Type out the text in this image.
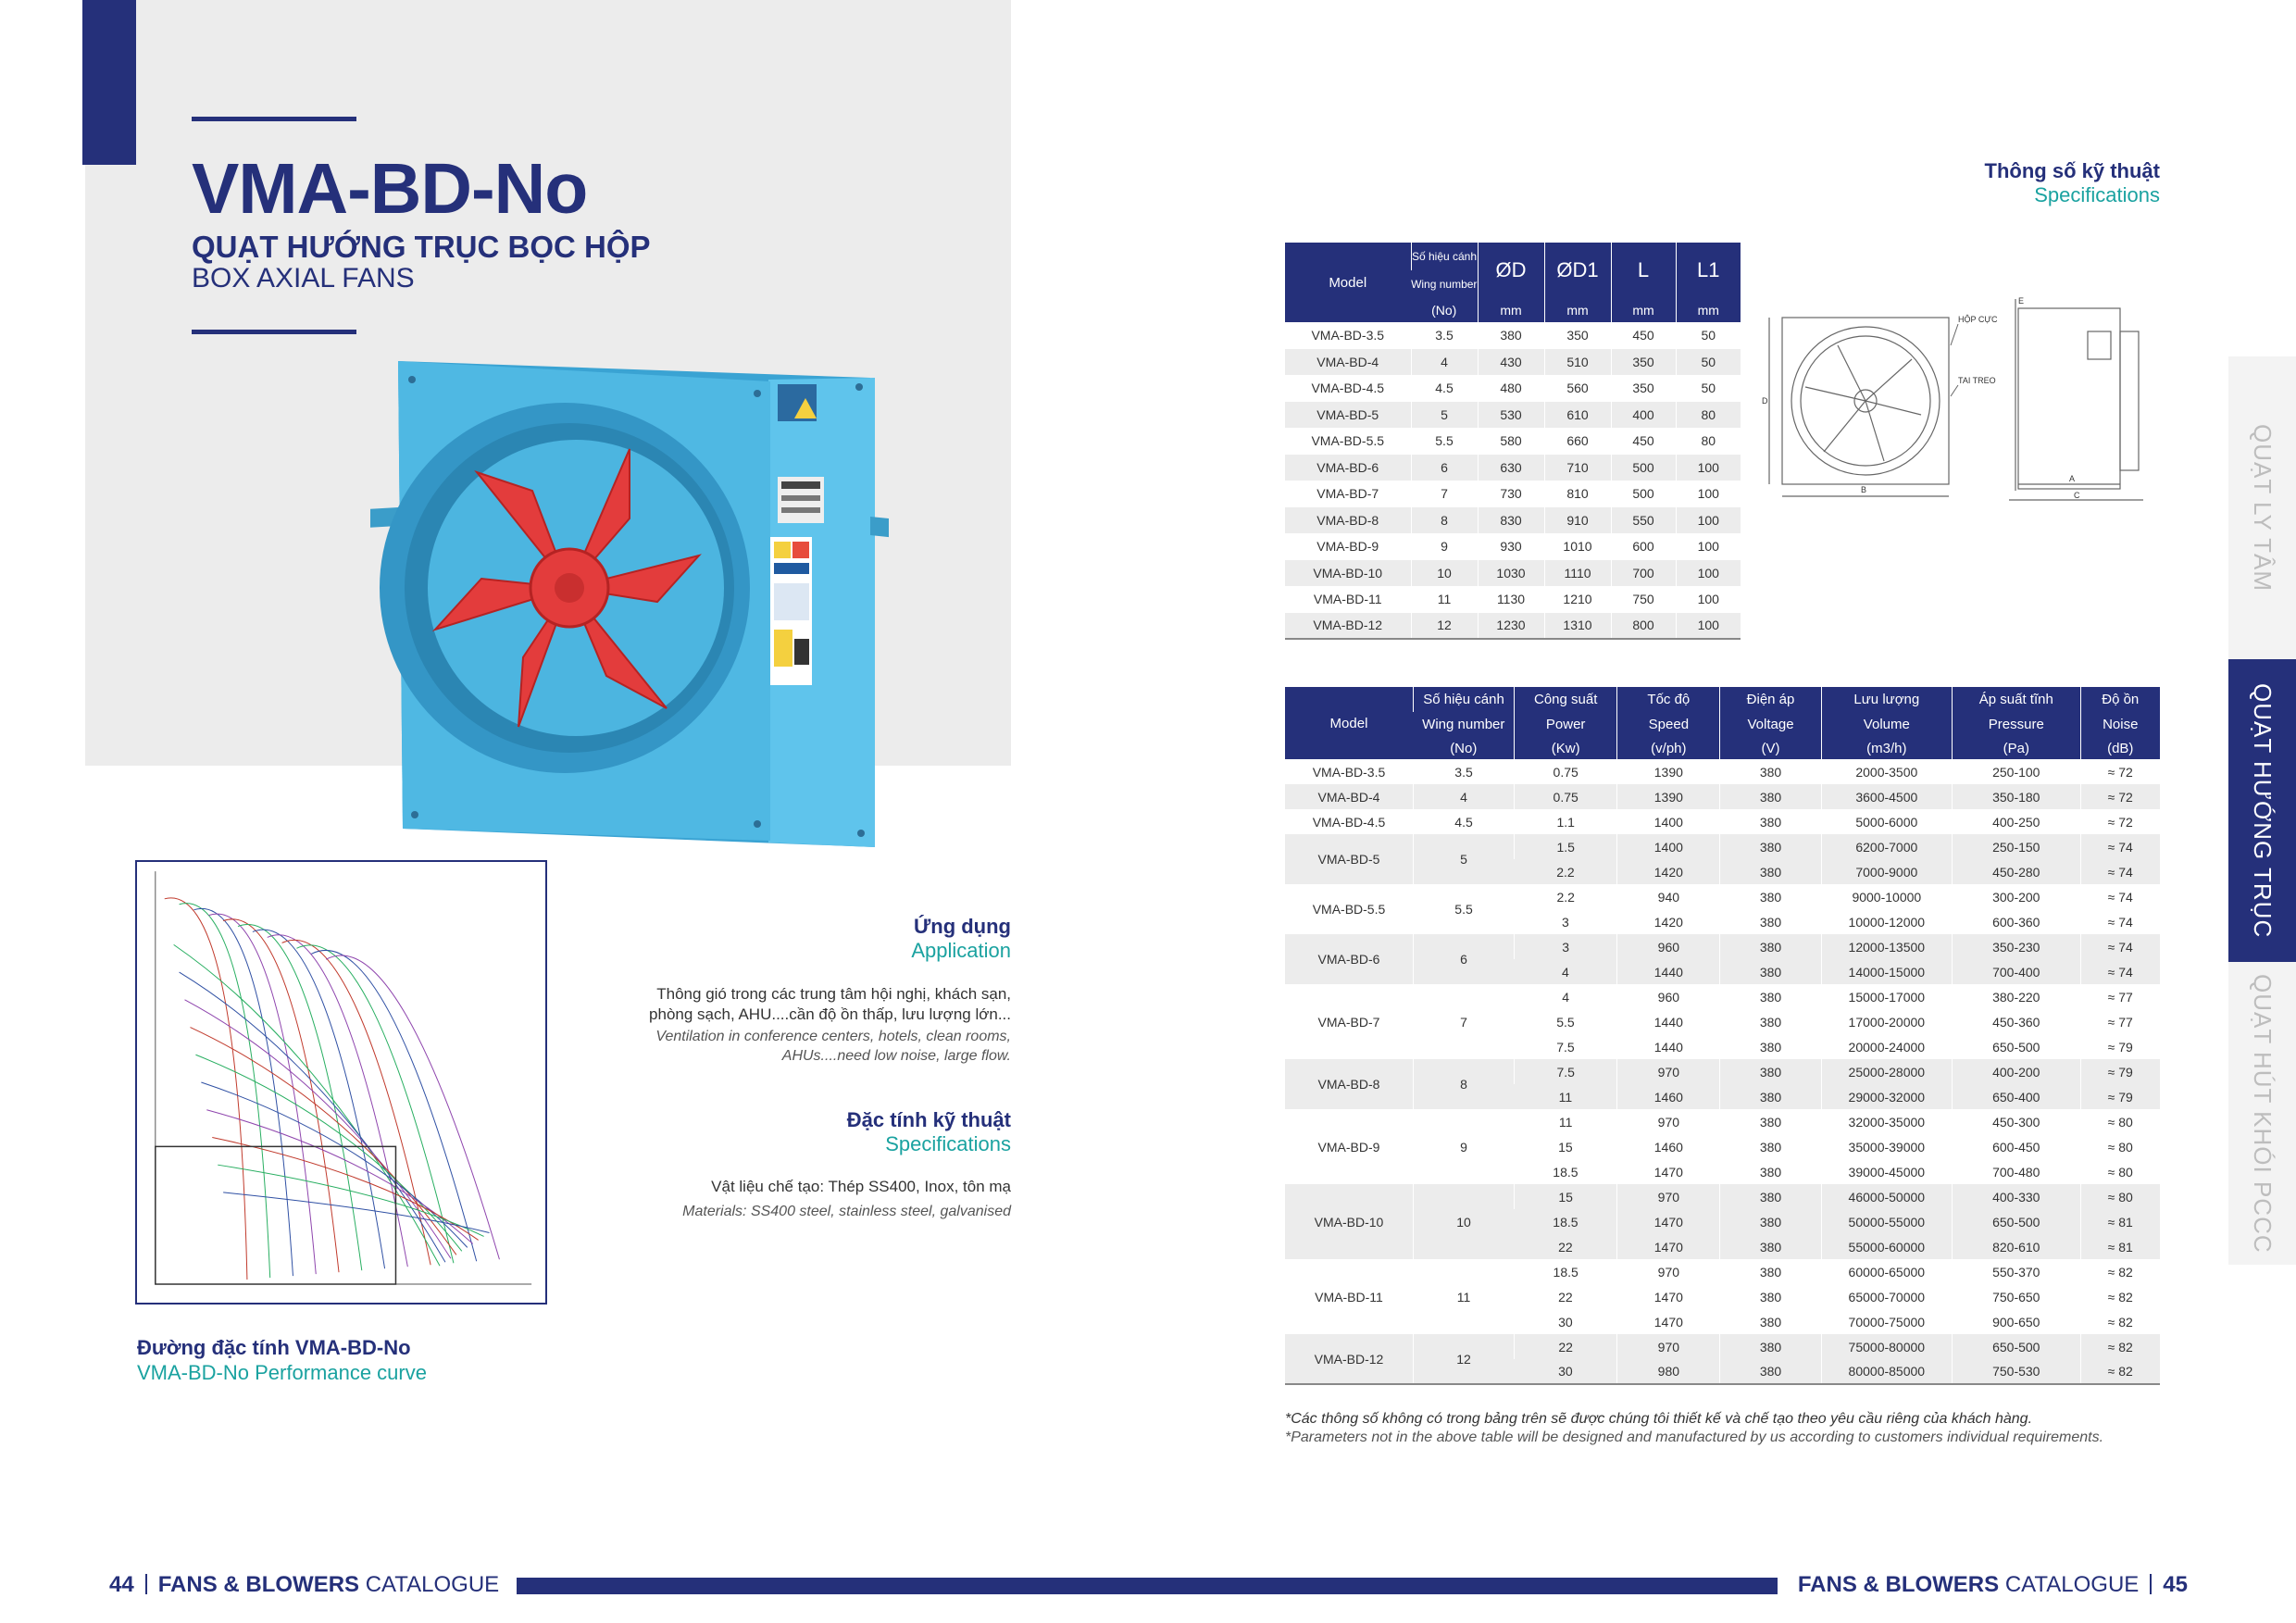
VMA-BD-No
QUẠT HƯỚNG TRỤC BỌC HỘP
BOX AXIAL FANS
Đường đặc tính VMA-BD-No
VMA-BD-No Performance curve
Ứng dụng
Application
Thông gió trong các trung tâm hội nghị, khách sạn,
phòng sạch, AHU....cần độ ồn thấp, lưu lượng lớn...
Ventilation in conference centers, hotels, clean rooms,
AHUs....need low noise, large flow.
Đặc tính kỹ thuật
Specifications
Vật liệu chế tạo: Thép SS400, Inox, tôn mạ
Materials: SS400 steel, stainless steel, galvanised
Thông số kỹ thuật
Specifications
Model	Số hiệu cánh	ØD	ØD1	L	L1
	Wing number				
	(No)	mm	mm	mm	mm
VMA-BD-3.5	3.5	380	350	450	50
VMA-BD-4	4	430	510	350	50
VMA-BD-4.5	4.5	480	560	350	50
VMA-BD-5	5	530	610	400	80
VMA-BD-5.5	5.5	580	660	450	80
VMA-BD-6	6	630	710	500	100
VMA-BD-7	7	730	810	500	100
VMA-BD-8	8	830	910	550	100
VMA-BD-9	9	930	1010	600	100
VMA-BD-10	10	1030	1110	700	100
VMA-BD-11	11	1130	1210	750	100
VMA-BD-12	12	1230	1310	800	100
HỘP CỰC
TAI TREO
A
B
C
D
E
Model	Số hiệu cánh	Công suất	Tốc độ	Điện áp	Lưu lượng	Áp suất tĩnh	Độ ồn
	Wing number	Power	Speed	Voltage	Volume	Pressure	Noise
	(No)	(Kw)	(v/ph)	(V)	(m3/h)	(Pa)	(dB)
VMA-BD-3.5	3.5	0.75	1390	380	2000-3500	250-100	≈ 72
VMA-BD-4	4	0.75	1390	380	3600-4500	350-180	≈ 72
VMA-BD-4.5	4.5	1.1	1400	380	5000-6000	400-250	≈ 72
VMA-BD-5	5	1.5	1400	380	6200-7000	250-150	≈ 74
		2.2	1420	380	7000-9000	450-280	≈ 74
VMA-BD-5.5	5.5	2.2	940	380	9000-10000	300-200	≈ 74
		3	1420	380	10000-12000	600-360	≈ 74
VMA-BD-6	6	3	960	380	12000-13500	350-230	≈ 74
		4	1440	380	14000-15000	700-400	≈ 74
VMA-BD-7	7	4	960	380	15000-17000	380-220	≈ 77
		5.5	1440	380	17000-20000	450-360	≈ 77
		7.5	1440	380	20000-24000	650-500	≈ 79
VMA-BD-8	8	7.5	970	380	25000-28000	400-200	≈ 79
		11	1460	380	29000-32000	650-400	≈ 79
VMA-BD-9	9	11	970	380	32000-35000	450-300	≈ 80
		15	1460	380	35000-39000	600-450	≈ 80
		18.5	1470	380	39000-45000	700-480	≈ 80
VMA-BD-10	10	15	970	380	46000-50000	400-330	≈ 80
		18.5	1470	380	50000-55000	650-500	≈ 81
		22	1470	380	55000-60000	820-610	≈ 81
VMA-BD-11	11	18.5	970	380	60000-65000	550-370	≈ 82
		22	1470	380	65000-70000	750-650	≈ 82
		30	1470	380	70000-75000	900-650	≈ 82
VMA-BD-12	12	22	970	380	75000-80000	650-500	≈ 82
		30	980	380	80000-85000	750-530	≈ 82
*Các thông số không có trong bảng trên sẽ được chúng tôi thiết kế và chế tạo theo yêu cầu riêng của khách hàng.
*Parameters not in the above table will be designed and manufactured by us according to customers individual requirements.
QUẠT LY TÂM
QUẠT HƯỚNG TRỤC
QUẠT HÚT KHÓI PCCC
44 FANS & BLOWERS CATALOGUE	FANS & BLOWERS CATALOGUE 45
